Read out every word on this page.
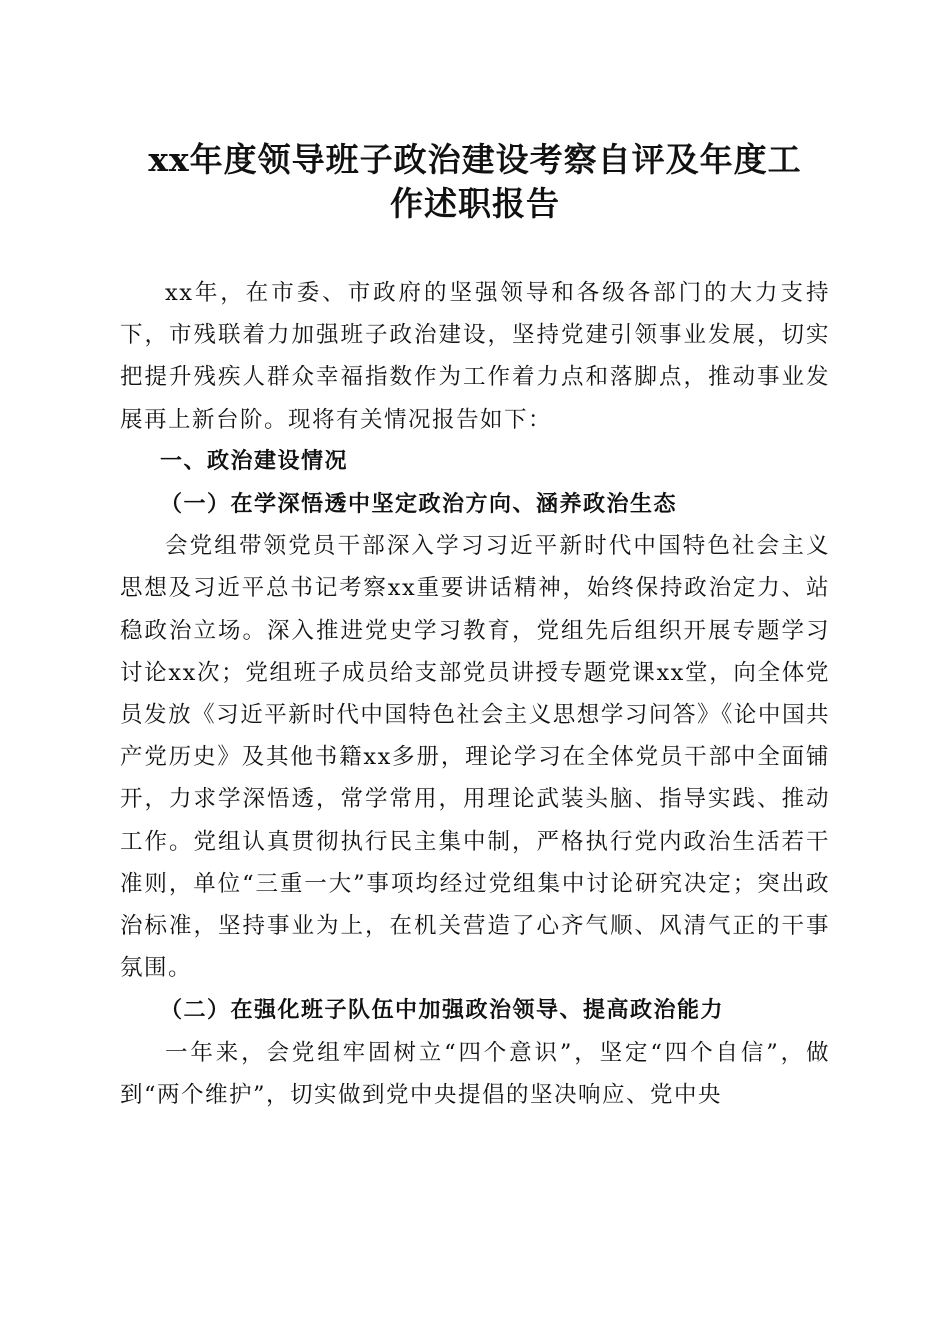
xx年度领导班子政治建设考察自评及年度工
作述职报告

xx年，在市委、市政府的坚强领导和各级各部门的大力支持下，市残联着力加强班子政治建设，坚持党建引领事业发展，切实把提升残疾人群众幸福指数作为工作着力点和落脚点，推动事业发展再上新台阶。现将有关情况报告如下：

一、政治建设情况

（一）在学深悟透中坚定政治方向、涵养政治生态

会党组带领党员干部深入学习习近平新时代中国特色社会主义思想及习近平总书记考察xx重要讲话精神，始终保持政治定力、站稳政治立场。深入推进党史学习教育，党组先后组织开展专题学习讨论xx次；党组班子成员给支部党员讲授专题党课xx堂，向全体党员发放《习近平新时代中国特色社会主义思想学习问答》《论中国共产党历史》及其他书籍xx多册，理论学习在全体党员干部中全面铺开，力求学深悟透，常学常用，用理论武装头脑、指导实践、推动工作。党组认真贯彻执行民主集中制，严格执行党内政治生活若干准则，单位“三重一大”事项均经过党组集中讨论研究决定；突出政治标准，坚持事业为上，在机关营造了心齐气顺、风清气正的干事氛围。

（二）在强化班子队伍中加强政治领导、提高政治能力

一年来，会党组牢固树立“四个意识”，坚定“四个自信”，做到“两个维护”，切实做到党中央提倡的坚决响应、党中央
